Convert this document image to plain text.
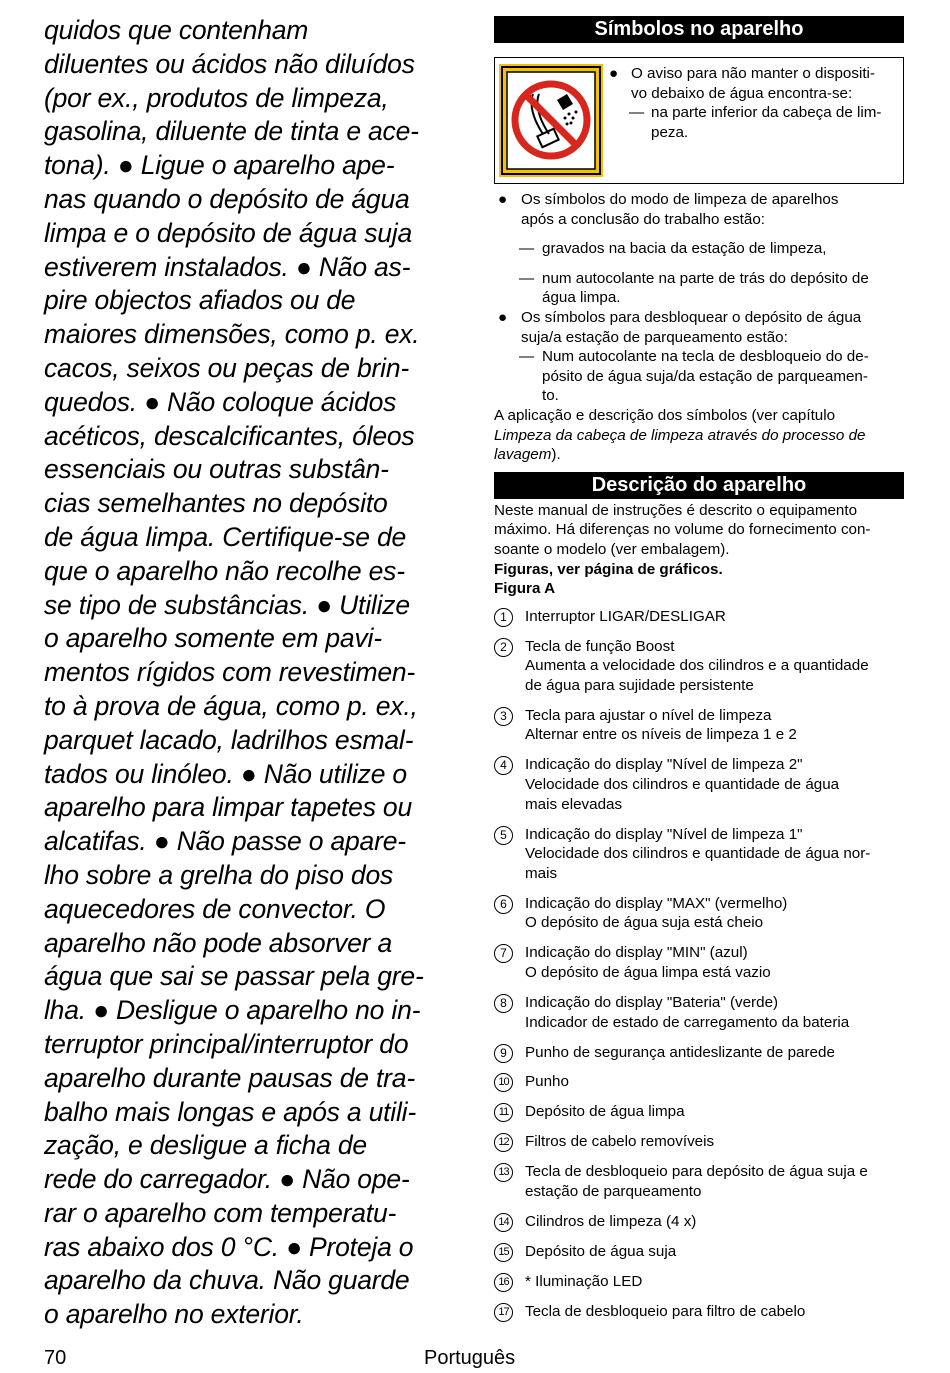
quidos que contenham
diluentes ou ácidos não diluídos
(por ex., produtos de limpeza,
gasolina, diluente de tinta e ace-
tona). ● Ligue o aparelho ape-
nas quando o depósito de água
limpa e o depósito de água suja
estiverem instalados. ● Não as-
pire objectos afiados ou de
maiores dimensões, como p. ex.
cacos, seixos ou peças de brin-
quedos. ● Não coloque ácidos
acéticos, descalcificantes, óleos
essenciais ou outras substân-
cias semelhantes no depósito
de água limpa. Certifique-se de
que o aparelho não recolhe es-
se tipo de substâncias. ● Utilize
o aparelho somente em pavi-
mentos rígidos com revestimen-
to à prova de água, como p. ex.,
parquet lacado, ladrilhos esmal-
tados ou linóleo. ● Não utilize o
aparelho para limpar tapetes ou
alcatifas. ● Não passe o apare-
lho sobre a grelha do piso dos
aquecedores de convector. O
aparelho não pode absorver a
água que sai se passar pela gre-
lha. ● Desligue o aparelho no in-
terruptor principal/interruptor do
aparelho durante pausas de tra-
balho mais longas e após a utili-
zação, e desligue a ficha de
rede do carregador. ● Não ope-
rar o aparelho com temperatu-
ras abaixo dos 0 °C. ● Proteja o
aparelho da chuva. Não guarde
o aparelho no exterior.
Símbolos no aparelho
● O aviso para não manter o dispositi-
vo debaixo de água encontra-se:
— na parte inferior da cabeça de lim-
peza.
● Os símbolos do modo de limpeza de aparelhos
após a conclusão do trabalho estão:
— gravados na bacia da estação de limpeza,
— num autocolante na parte de trás do depósito de
água limpa.
● Os símbolos para desbloquear o depósito de água
suja/a estação de parqueamento estão:
— Num autocolante na tecla de desbloqueio do de-
pósito de água suja/da estação de parqueamen-
to.
A aplicação e descrição dos símbolos (ver capítulo
Limpeza da cabeça de limpeza através do processo de
lavagem).
Descrição do aparelho
Neste manual de instruções é descrito o equipamento
máximo. Há diferenças no volume do fornecimento con-
soante o modelo (ver embalagem).
Figuras, ver página de gráficos.
Figura A
1	Interruptor LIGAR/DESLIGAR
2	Tecla de função Boost
Aumenta a velocidade dos cilindros e a quantidade
de água para sujidade persistente
3	Tecla para ajustar o nível de limpeza
Alternar entre os níveis de limpeza 1 e 2
4	Indicação do display "Nível de limpeza 2"
Velocidade dos cilindros e quantidade de água
mais elevadas
5	Indicação do display "Nível de limpeza 1"
Velocidade dos cilindros e quantidade de água nor-
mais
6	Indicação do display "MAX" (vermelho)
O depósito de água suja está cheio
7	Indicação do display "MIN" (azul)
O depósito de água limpa está vazio
8	Indicação do display "Bateria" (verde)
Indicador de estado de carregamento da bateria
9	Punho de segurança antideslizante de parede
10 Punho
11	Depósito de água limpa
12 Filtros de cabelo removíveis
13 Tecla de desbloqueio para depósito de água suja e
estação de parqueamento
14 Cilindros de limpeza (4 x)
15 Depósito de água suja
16 * Iluminação LED
17 Tecla de desbloqueio para filtro de cabelo
70	Português
